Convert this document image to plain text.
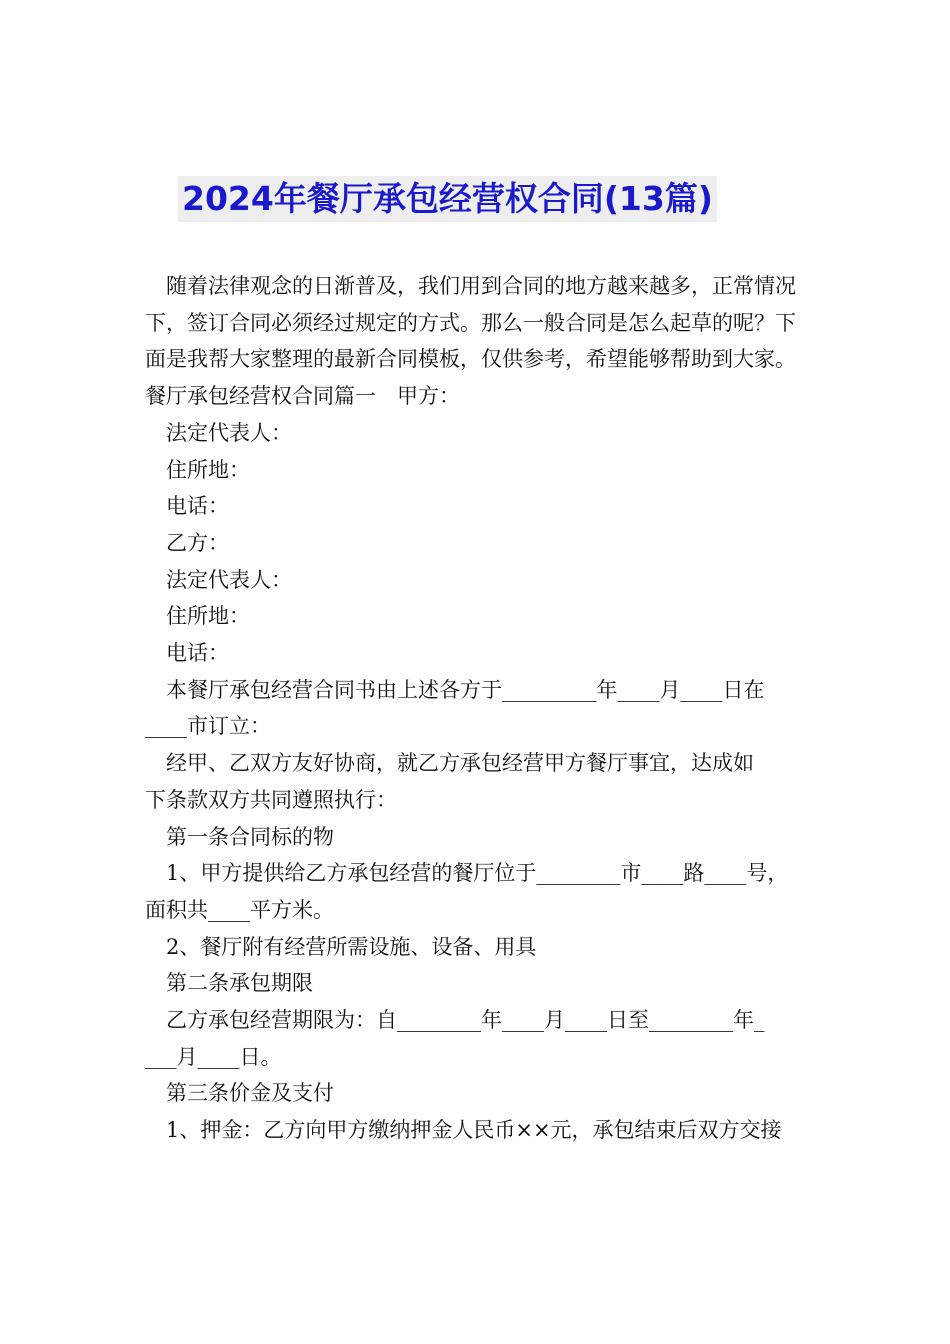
2024年餐厅承包经营权合同(13篇)

随着法律观念的日渐普及，我们用到合同的地方越来越多，正常情况下，签订合同必须经过规定的方式。那么一般合同是怎么起草的呢？下面是我帮大家整理的最新合同模板，仅供参考，希望能够帮助到大家。

餐厅承包经营权合同篇一　甲方：

法定代表人：

住所地：

电话：

乙方：

法定代表人：

住所地：

电话：

本餐厅承包经营合同书由上述各方于_________年____月____日在

____市订立：

经甲、乙双方友好协商，就乙方承包经营甲方餐厅事宜，达成如

下条款双方共同遵照执行：

第一条合同标的物

1、甲方提供给乙方承包经营的餐厅位于________市____路____号，

面积共____平方米。

2、餐厅附有经营所需设施、设备、用具

第二条承包期限

乙方承包经营期限为：自________年____月____日至________年_

___月____日。

第三条价金及支付

1、押金：乙方向甲方缴纳押金人民币××元，承包结束后双方交接
